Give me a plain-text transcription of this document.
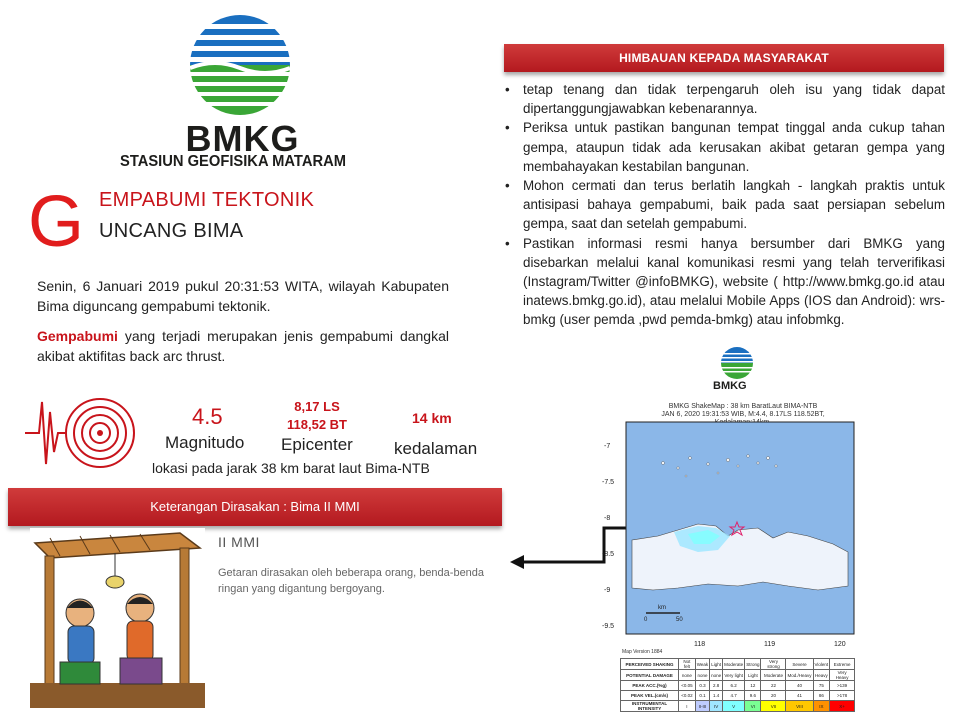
BMKG
STASIUN GEOFISIKA MATARAM
G EMPABUMI TEKTONIK
UNCANG BIMA
Senin, 6 Januari 2019 pukul 20:31:53 WITA, wilayah Kabupaten Bima diguncang gempabumi tektonik.
Gempabumi yang terjadi merupakan jenis gempabumi dangkal akibat aktifitas back arc thrust.
4.5
Magnitudo
8,17 LS
118,52 BT
Epicenter
14 km
kedalaman
lokasi pada jarak 38 km barat laut Bima-NTB
Keterangan Dirasakan : Bima II MMI
II MMI
Getaran dirasakan oleh beberapa orang, benda-benda ringan yang digantung bergoyang.
HIMBAUAN KEPADA MASYARAKAT
• tetap tenang dan tidak terpengaruh oleh isu yang tidak dapat dipertanggungjawabkan kebenarannya.
• Periksa untuk pastikan bangunan tempat tinggal anda cukup tahan gempa, ataupun tidak ada kerusakan akibat getaran gempa yang membahayakan kestabilan bangunan.
• Mohon cermati dan terus berlatih langkah - langkah praktis untuk antisipasi bahaya gempabumi, baik pada saat persiapan sebelum gempa, saat dan setelah gempabumi.
• Pastikan informasi resmi hanya bersumber dari BMKG yang disebarkan melalui kanal komunikasi resmi yang telah terverifikasi (Instagram/Twitter @infoBMKG), website ( http://www.bmkg.go.id atau inatews.bmkg.go.id), atau melalui Mobile Apps (IOS dan Android): wrs-bmkg (user pemda ,pwd pemda-bmkg) atau infobmkg.
BMKG
BMKG ShakeMap : 38 km BaratLaut BIMA-NTB
JAN 6, 2020 19:31:53 WIB, M:4.4, 8.17LS 118.52BT,
-7
-7.5
-8
-8.5
-9
-9.5
118	119	120
km
0	50
Map Version 1884
PERCEIVED SHAKING	Not felt	Weak	Light	Moderate	Strong	Very strong	Severe	Violent	Extreme
POTENTIAL DAMAGE	none	none	none	Very light	Light	Moderate	Mod./Heavy	Heavy	Very Heavy
PEAK ACC.(%g)	<0.05	0.3	2.8	6.2	12	22	40	75	>139
PEAK VEL.(cm/s)	<0.02	0.1	1.4	4.7	9.6	20	41	86	>178
INSTRUMENTAL INTENSITY	I	II-III	IV	V	VI	VII	VIII	IX	X+
